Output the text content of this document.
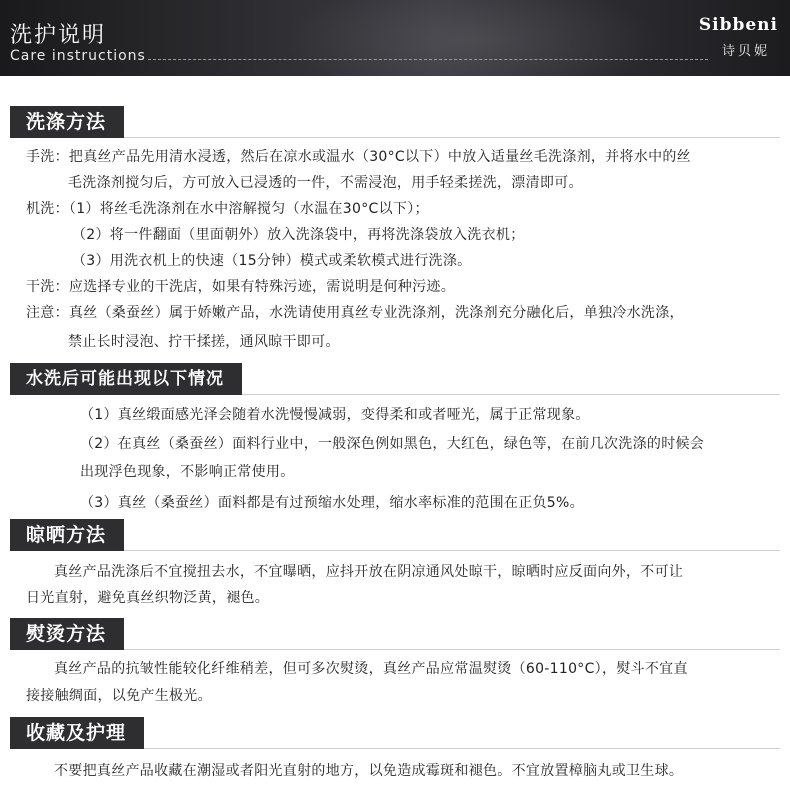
洗护说明
Care instructions
Sibbeni
诗贝妮
洗涤方法
手洗：把真丝产品先用清水浸透，然后在凉水或温水（30°C以下）中放入适量丝毛洗涤剂，并将水中的丝
毛洗涤剂搅匀后，方可放入已浸透的一件，不需浸泡，用手轻柔搓洗，漂清即可。
机洗：（1）将丝毛洗涤剂在水中溶解搅匀（水温在30°C以下）；
（2）将一件翻面（里面朝外）放入洗涤袋中，再将洗涤袋放入洗衣机；
（3）用洗衣机上的快速（15分钟）模式或柔软模式进行洗涤。
干洗：应选择专业的干洗店，如果有特殊污迹，需说明是何种污迹。
注意：真丝（桑蚕丝）属于娇嫩产品，水洗请使用真丝专业洗涤剂，洗涤剂充分融化后，单独冷水洗涤，
禁止长时浸泡、拧干揉搓，通风晾干即可。
水洗后可能出现以下情况
（1）真丝缎面感光泽会随着水洗慢慢减弱，变得柔和或者哑光，属于正常现象。
（2）在真丝（桑蚕丝）面料行业中，一般深色例如黑色，大红色，绿色等，在前几次洗涤的时候会
出现浮色现象，不影响正常使用。
（3）真丝（桑蚕丝）面料都是有过预缩水处理，缩水率标准的范围在正负5%。
晾晒方法
真丝产品洗涤后不宜搅扭去水，不宜曝晒，应抖开放在阴凉通风处晾干，晾晒时应反面向外，不可让
日光直射，避免真丝织物泛黄，褪色。
熨烫方法
真丝产品的抗皱性能较化纤维稍差，但可多次熨烫，真丝产品应常温熨烫（60-110°C），熨斗不宜直
接接触绸面，以免产生极光。
收藏及护理
不要把真丝产品收藏在潮湿或者阳光直射的地方，以免造成霉斑和褪色。不宜放置樟脑丸或卫生球。
